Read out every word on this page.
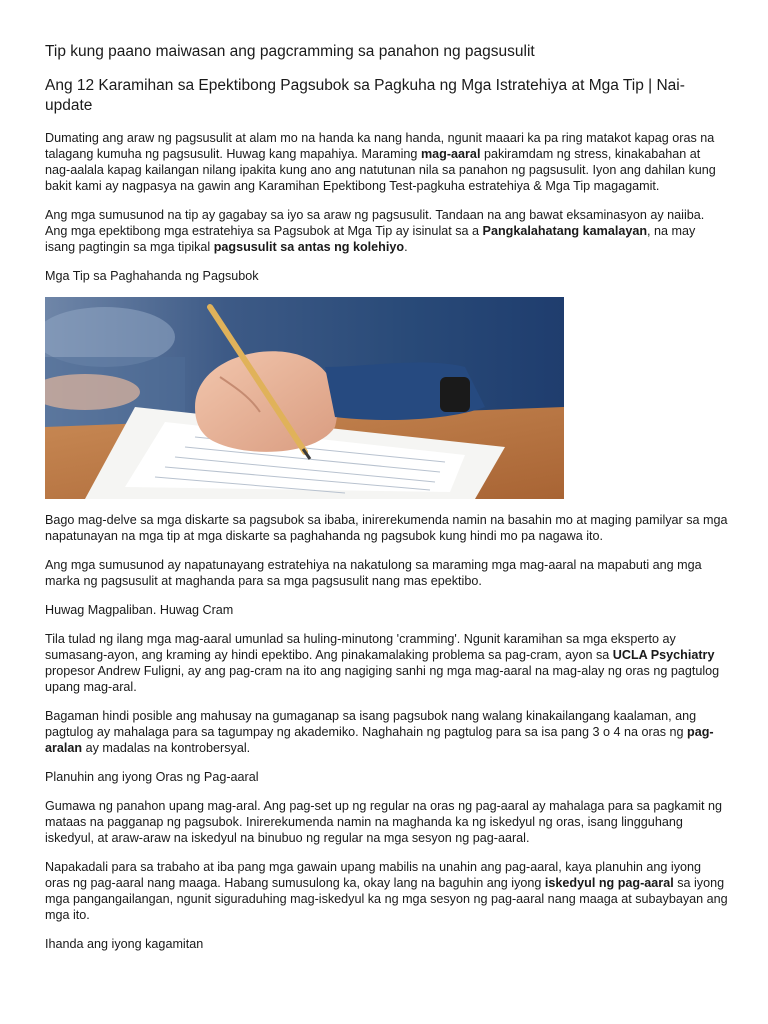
Tip kung paano maiwasan ang pagcramming sa panahon ng pagsusulit
Ang 12 Karamihan sa Epektibong Pagsubok sa Pagkuha ng Mga Istratehiya at Mga Tip | Nai-update

Dumating ang araw ng pagsusulit at alam mo na handa ka nang handa, ngunit maaari ka pa ring matakot kapag oras na talagang kumuha ng pagsusulit. Huwag kang mapahiya. Maraming mag-aaral pakiramdam ng stress, kinakabahan at nag-aalala kapag kailangan nilang ipakita kung ano ang natutunan nila sa panahon ng pagsusulit. Iyon ang dahilan kung bakit kami ay nagpasya na gawin ang Karamihan Epektibong Test-pagkuha estratehiya & Mga Tip magagamit.

Ang mga sumusunod na tip ay gagabay sa iyo sa araw ng pagsusulit. Tandaan na ang bawat eksaminasyon ay naiiba. Ang mga epektibong mga estratehiya sa Pagsubok at Mga Tip ay isinulat sa a Pangkalahatang kamalayan, na may isang pagtingin sa mga tipikal pagsusulit sa antas ng kolehiyo.

Mga Tip sa Paghahanda ng Pagsubok

Bago mag-delve sa mga diskarte sa pagsubok sa ibaba, inirerekumenda namin na basahin mo at maging pamilyar sa mga napatunayan na mga tip at mga diskarte sa paghahanda ng pagsubok kung hindi mo pa nagawa ito.

Ang mga sumusunod ay napatunayang estratehiya na nakatulong sa maraming mga mag-aaral na mapabuti ang mga marka ng pagsusulit at maghanda para sa mga pagsusulit nang mas epektibo.

Huwag Magpaliban. Huwag Cram

Tila tulad ng ilang mga mag-aaral umunlad sa huling-minutong 'cramming'. Ngunit karamihan sa mga eksperto ay sumasang-ayon, ang kraming ay hindi epektibo. Ang pinakamalaking problema sa pag-cram, ayon sa UCLA Psychiatry propesor Andrew Fuligni, ay ang pag-cram na ito ang nagiging sanhi ng mga mag-aaral na mag-alay ng oras ng pagtulog upang mag-aral.

Bagaman hindi posible ang mahusay na gumaganap sa isang pagsubok nang walang kinakailangang kaalaman, ang pagtulog ay mahalaga para sa tagumpay ng akademiko. Naghahain ng pagtulog para sa isa pang 3 o 4 na oras ng pag-aralan ay madalas na kontrobersyal.

Planuhin ang iyong Oras ng Pag-aaral

Gumawa ng panahon upang mag-aral. Ang pag-set up ng regular na oras ng pag-aaral ay mahalaga para sa pagkamit ng mataas na pagganap ng pagsubok. Inirerekumenda namin na maghanda ka ng iskedyul ng oras, isang lingguhang iskedyul, at araw-araw na iskedyul na binubuo ng regular na mga sesyon ng pag-aaral.

Napakadali para sa trabaho at iba pang mga gawain upang mabilis na unahin ang pag-aaral, kaya planuhin ang iyong oras ng pag-aaral nang maaga. Habang sumusulong ka, okay lang na baguhin ang iyong iskedyul ng pag-aaral sa iyong mga pangangailangan, ngunit siguraduhing mag-iskedyul ka ng mga sesyon ng pag-aaral nang maaga at subaybayan ang mga ito.

Ihanda ang iyong kagamitan
